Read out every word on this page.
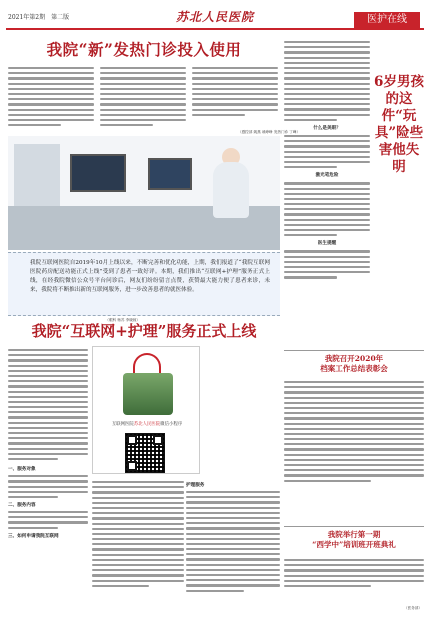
2021年第2期　第二版	苏北人民医院	医护在线
我院“新”发热门诊投入使用
（感控部 姚燕 戚峥峥 发热门诊 丁峰）
我院互联网医院自2019年10月上线以来，不断完善和优化功能，上期，我们报道了“我院互联网医院药房配送功能正式上线”受到了患者一致好评。本期，我们推出“互联网+护理”服务正式上线，在经我院微信公众号平台问诊后，网友们纷纷留言点赞，获赞最大能力便了患者来诊，未来，我院将不断推出新的互联网服务，进一步改善患者的就医体验。
我院“互联网+护理”服务正式上线
一、服务对象
二、服务内容
三、如何申请我院互联网
互联网医院苏北人民医院微信小程序
护理服务
什么是美眼？
激光笔危险
医生提醒
6岁男孩的这件“玩具”险些害他失明
（眼科 杨苏 李晓琼）
我院召开2020年
档案工作总结表彰会
我院举行第一期
“西学中”培训班开班典礼
（医务部）
